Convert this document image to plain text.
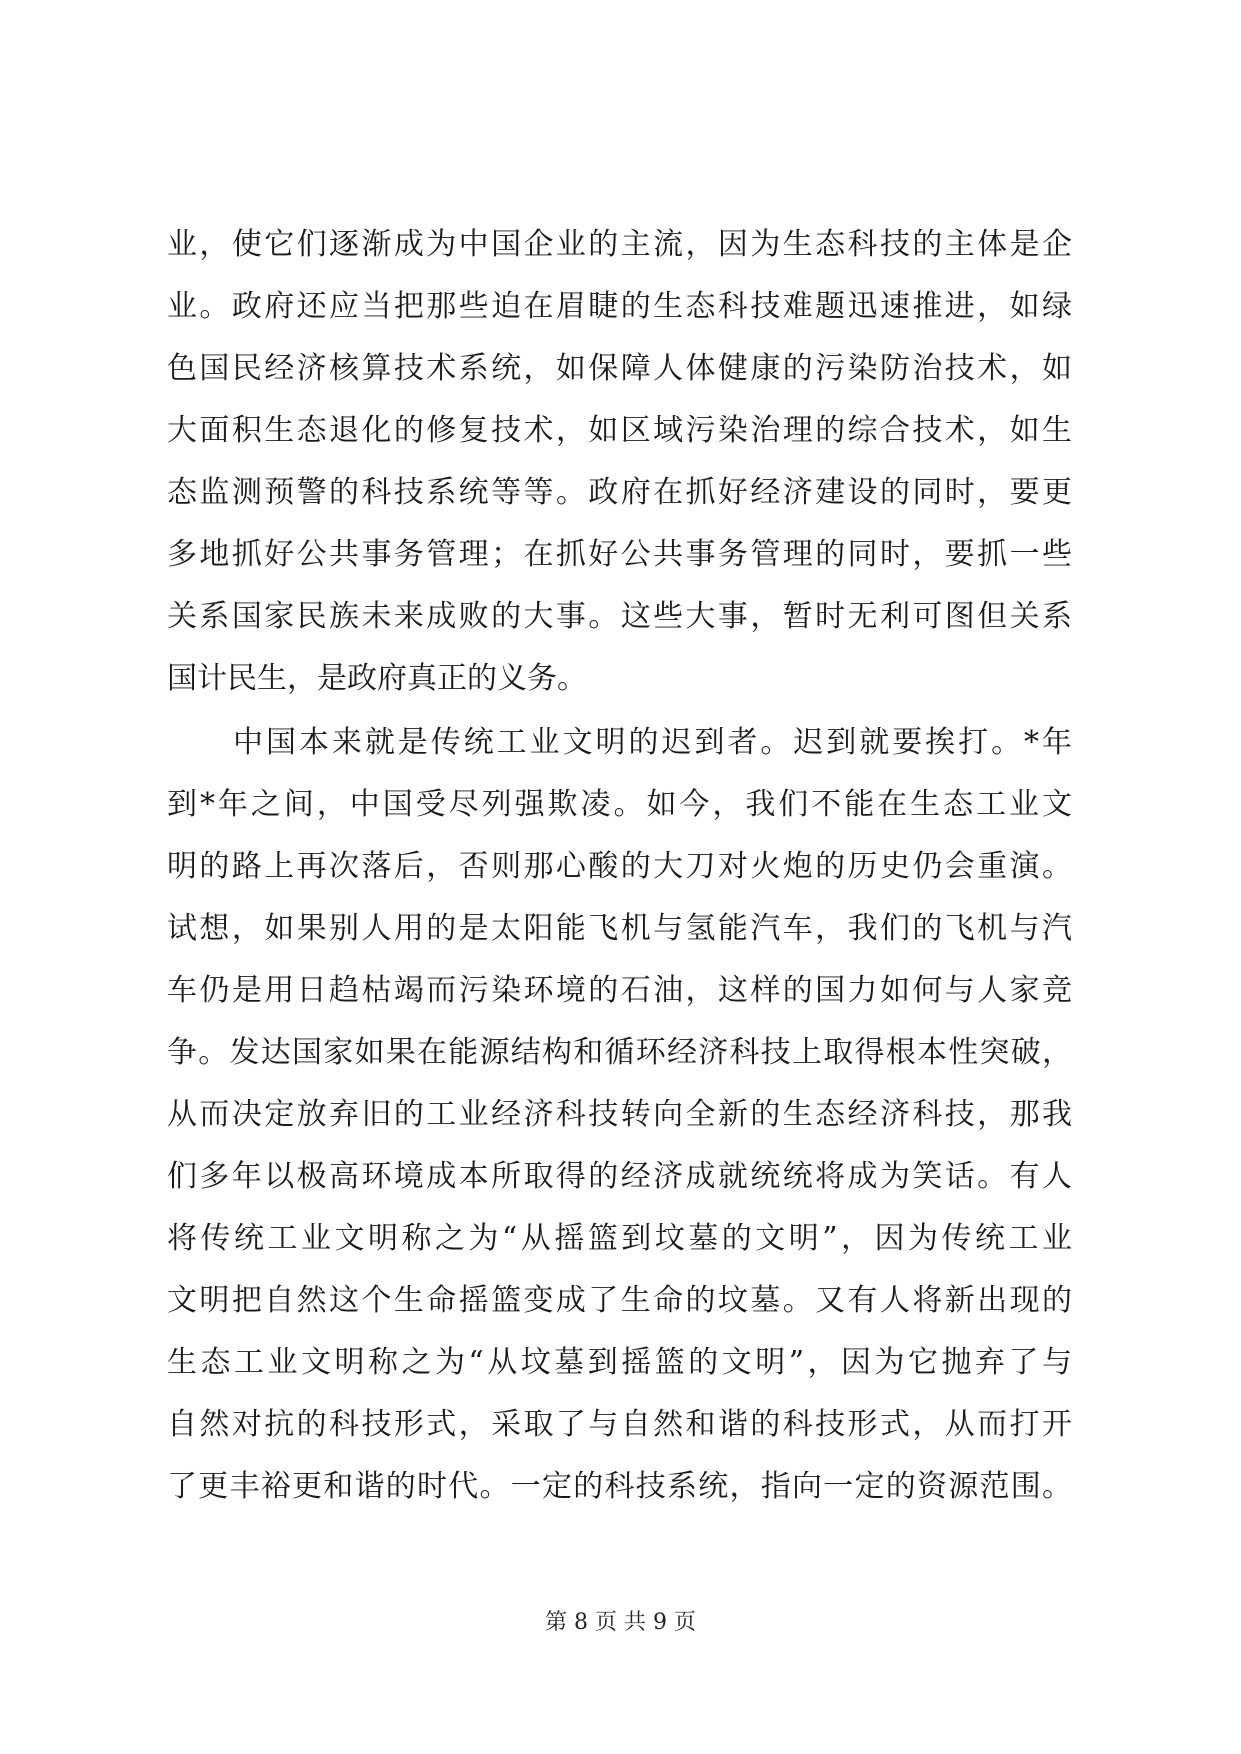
业，使它们逐渐成为中国企业的主流，因为生态科技的主体是企
业。政府还应当把那些迫在眉睫的生态科技难题迅速推进，如绿
色国民经济核算技术系统，如保障人体健康的污染防治技术，如
大面积生态退化的修复技术，如区域污染治理的综合技术，如生
态监测预警的科技系统等等。政府在抓好经济建设的同时，要更
多地抓好公共事务管理；在抓好公共事务管理的同时，要抓一些
关系国家民族未来成败的大事。这些大事，暂时无利可图但关系
国计民生，是政府真正的义务。
中国本来就是传统工业文明的迟到者。迟到就要挨打。*年
到*年之间，中国受尽列强欺凌。如今，我们不能在生态工业文
明的路上再次落后，否则那心酸的大刀对火炮的历史仍会重演。
试想，如果别人用的是太阳能飞机与氢能汽车，我们的飞机与汽
车仍是用日趋枯竭而污染环境的石油，这样的国力如何与人家竞
争。发达国家如果在能源结构和循环经济科技上取得根本性突破，
从而决定放弃旧的工业经济科技转向全新的生态经济科技，那我
们多年以极高环境成本所取得的经济成就统统将成为笑话。有人
将传统工业文明称之为“从摇篮到坟墓的文明”，因为传统工业
文明把自然这个生命摇篮变成了生命的坟墓。又有人将新出现的
生态工业文明称之为“从坟墓到摇篮的文明”，因为它抛弃了与
自然对抗的科技形式，采取了与自然和谐的科技形式，从而打开
了更丰裕更和谐的时代。一定的科技系统，指向一定的资源范围。
第 8 页 共 9 页
